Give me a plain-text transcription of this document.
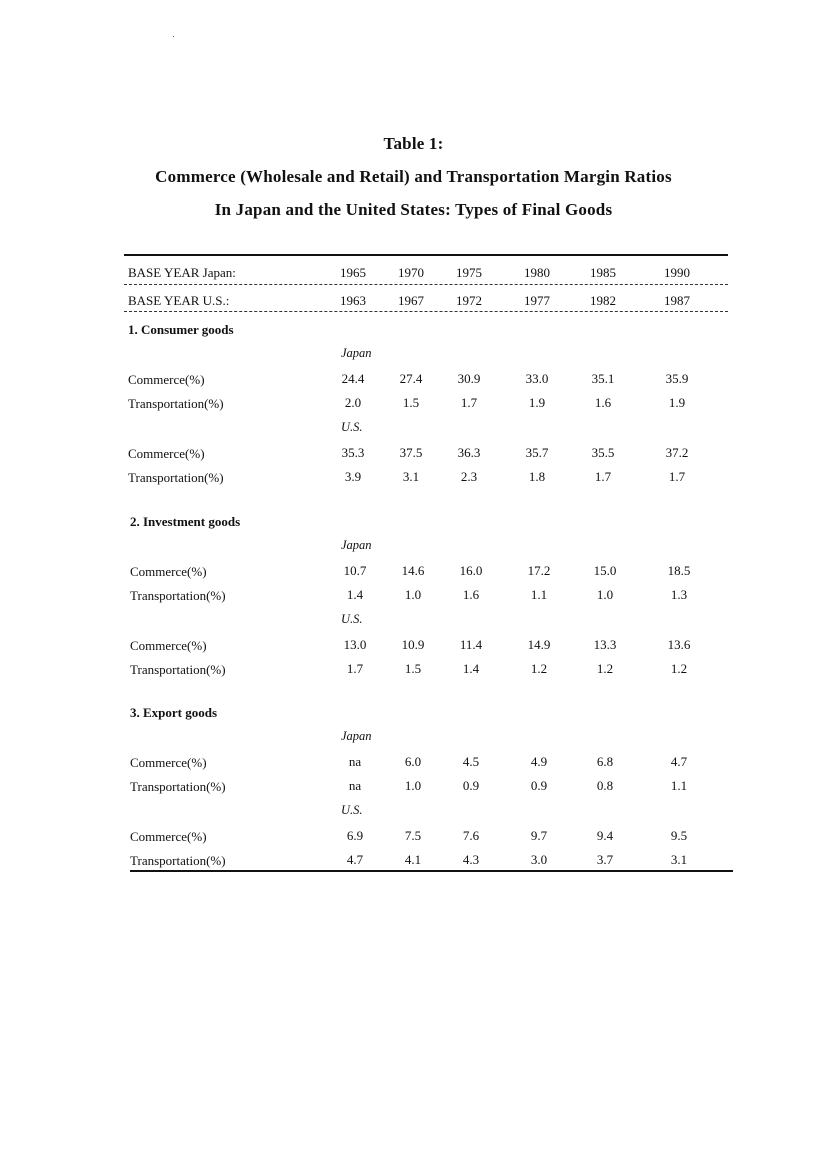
Table 1:
Commerce (Wholesale and Retail) and Transportation Margin Ratios
In Japan and the United States: Types of Final Goods
BASE YEAR Japan:	1965	1970	1975	1980	1985	1990
BASE YEAR U.S.:	1963	1967	1972	1977	1982	1987
1. Consumer goods
Japan
Commerce(%)	24.4	27.4	30.9	33.0	35.1	35.9
Transportation(%)	2.0	1.5	1.7	1.9	1.6	1.9
U.S.
Commerce(%)	35.3	37.5	36.3	35.7	35.5	37.2
Transportation(%)	3.9	3.1	2.3	1.8	1.7	1.7
2. Investment goods
Japan
Commerce(%)	10.7	14.6	16.0	17.2	15.0	18.5
Transportation(%)	1.4	1.0	1.6	1.1	1.0	1.3
U.S.
Commerce(%)	13.0	10.9	11.4	14.9	13.3	13.6
Transportation(%)	1.7	1.5	1.4	1.2	1.2	1.2
3. Export goods
Japan
Commerce(%)	na	6.0	4.5	4.9	6.8	4.7
Transportation(%)	na	1.0	0.9	0.9	0.8	1.1
U.S.
Commerce(%)	6.9	7.5	7.6	9.7	9.4	9.5
Transportation(%)	4.7	4.1	4.3	3.0	3.7	3.1
